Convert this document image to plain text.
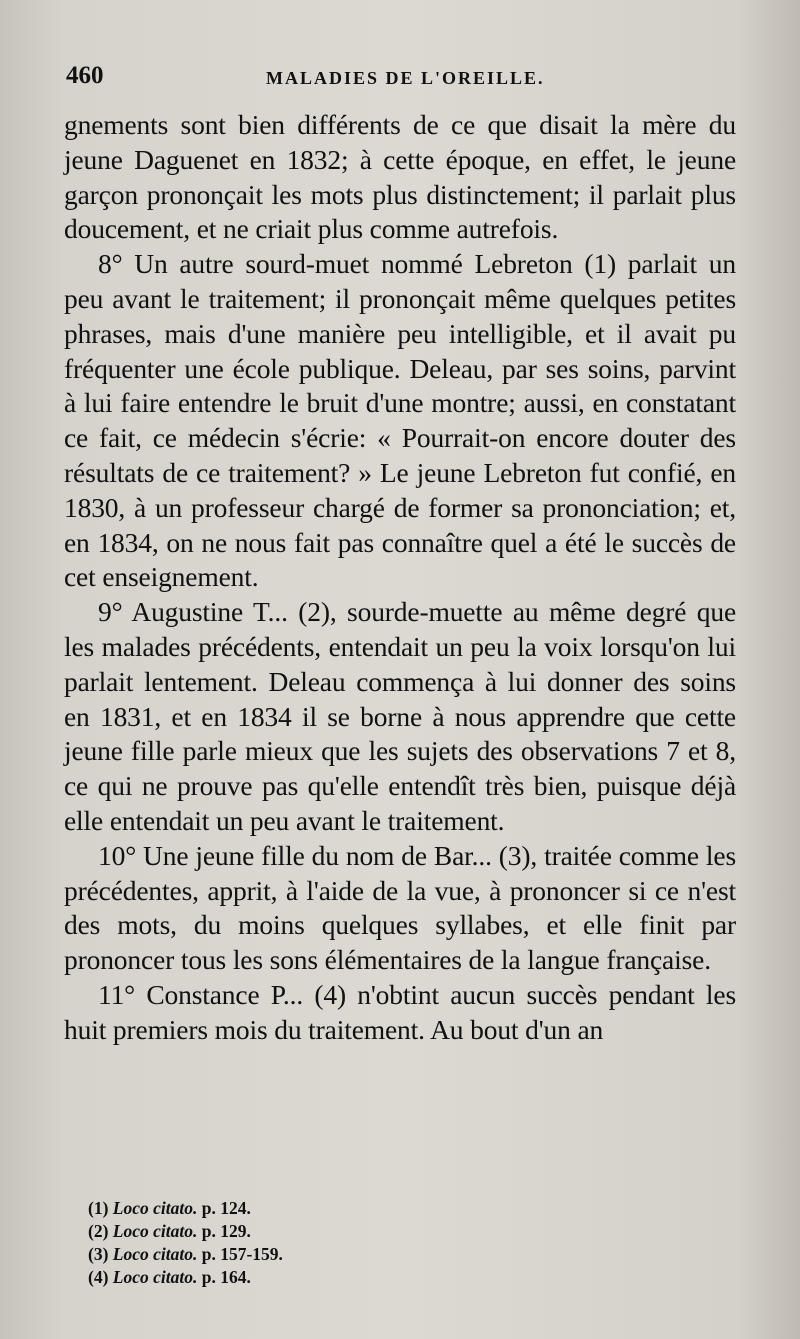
460	MALADIES DE L'OREILLE.

gnements sont bien différents de ce que disait la mère du jeune Daguenet en 1832; à cette époque, en effet, le jeune garçon prononçait les mots plus distinctement; il parlait plus doucement, et ne criait plus comme autrefois.

8° Un autre sourd-muet nommé Lebreton (1) parlait un peu avant le traitement; il prononçait même quelques petites phrases, mais d'une manière peu intelligible, et il avait pu fréquenter une école publique. Deleau, par ses soins, parvint à lui faire entendre le bruit d'une montre; aussi, en constatant ce fait, ce médecin s'écrie: « Pourrait-on encore douter des résultats de ce traitement? » Le jeune Lebreton fut confié, en 1830, à un professeur chargé de former sa prononciation; et, en 1834, on ne nous fait pas connaître quel a été le succès de cet enseignement.

9° Augustine T... (2), sourde-muette au même degré que les malades précédents, entendait un peu la voix lorsqu'on lui parlait lentement. Deleau commença à lui donner des soins en 1831, et en 1834 il se borne à nous apprendre que cette jeune fille parle mieux que les sujets des observations 7 et 8, ce qui ne prouve pas qu'elle entendît très bien, puisque déjà elle entendait un peu avant le traitement.

10° Une jeune fille du nom de Bar... (3), traitée comme les précédentes, apprit, à l'aide de la vue, à prononcer si ce n'est des mots, du moins quelques syllabes, et elle finit par prononcer tous les sons élémentaires de la langue française.

11° Constance P... (4) n'obtint aucun succès pendant les huit premiers mois du traitement. Au bout d'un an

(1) Loco citato. p. 124.
(2) Loco citato. p. 129.
(3) Loco citato. p. 157-159.
(4) Loco citato. p. 164.
